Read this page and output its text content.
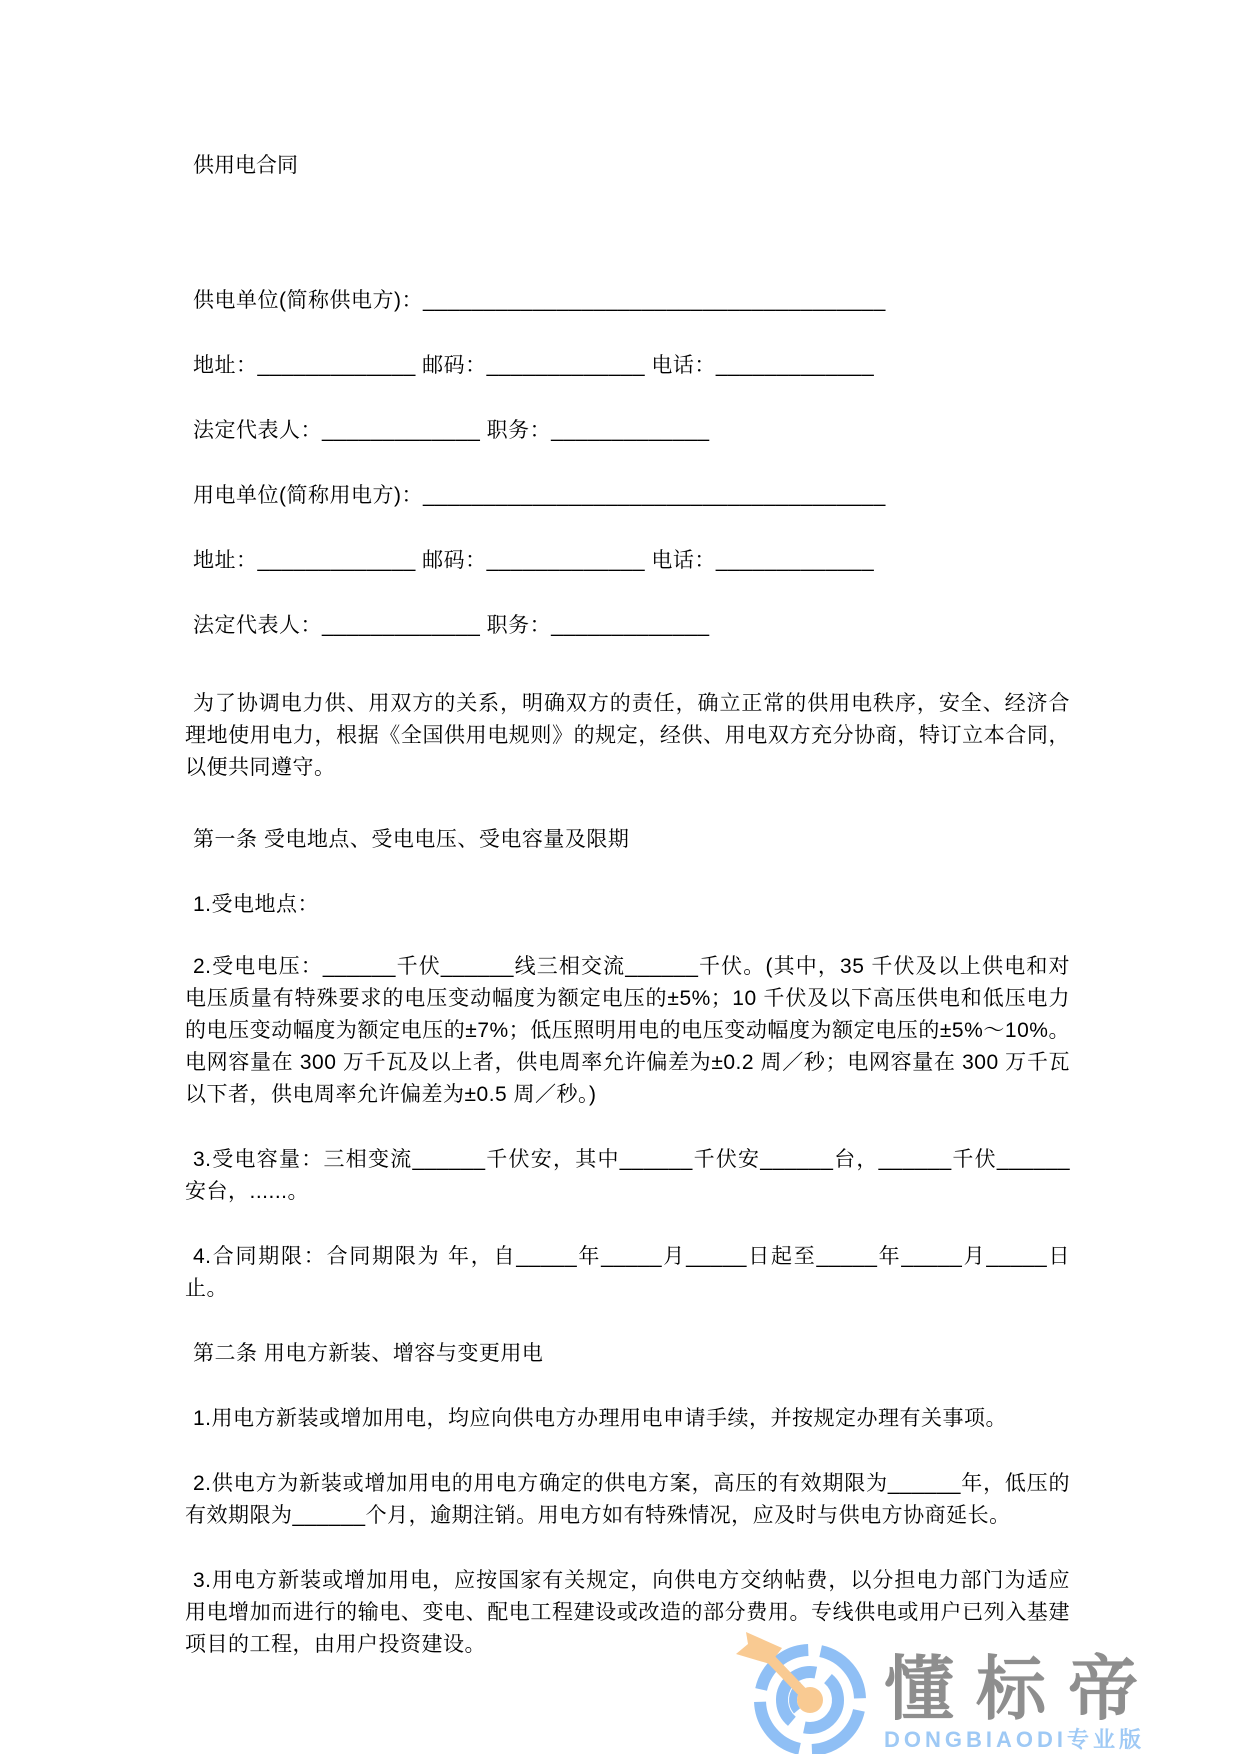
供用电合同

供电单位(简称供电方)：______________________________________

地址：_____________ 邮码：_____________ 电话：_____________

法定代表人：_____________ 职务：_____________

用电单位(简称用电方)：______________________________________

地址：_____________ 邮码：_____________ 电话：_____________

法定代表人：_____________ 职务：_____________

为了协调电力供、用双方的关系，明确双方的责任，确立正常的供用电秩序，安全、经济合理地使用电力，根据《全国供用电规则》的规定，经供、用电双方充分协商，特订立本合同，以便共同遵守。

第一条 受电地点、受电电压、受电容量及限期

1.受电地点：

2.受电电压：______千伏______线三相交流______千伏。(其中，35 千伏及以上供电和对电压质量有特殊要求的电压变动幅度为额定电压的±5%；10 千伏及以下高压供电和低压电力的电压变动幅度为额定电压的±7%；低压照明用电的电压变动幅度为额定电压的±5%～10%。电网容量在 300 万千瓦及以上者，供电周率允许偏差为±0.2 周／秒；电网容量在 300 万千瓦以下者，供电周率允许偏差为±0.5 周／秒。)

3.受电容量：三相变流______千伏安，其中______千伏安______台，______千伏______安台，......。

4.合同期限：合同期限为 年，自_____年_____月_____日起至_____年_____月_____日止。

第二条 用电方新装、增容与变更用电

1.用电方新装或增加用电，均应向供电方办理用电申请手续，并按规定办理有关事项。

2.供电方为新装或增加用电的用电方确定的供电方案，高压的有效期限为______年，低压的有效期限为______个月，逾期注销。用电方如有特殊情况，应及时与供电方协商延长。

3.用电方新装或增加用电，应按国家有关规定，向供电方交纳帖费，以分担电力部门为适应用电增加而进行的输电、变电、配电工程建设或改造的部分费用。专线供电或用户已列入基建项目的工程，由用户投资建设。

懂标帝
DONGBIAODI专业版
